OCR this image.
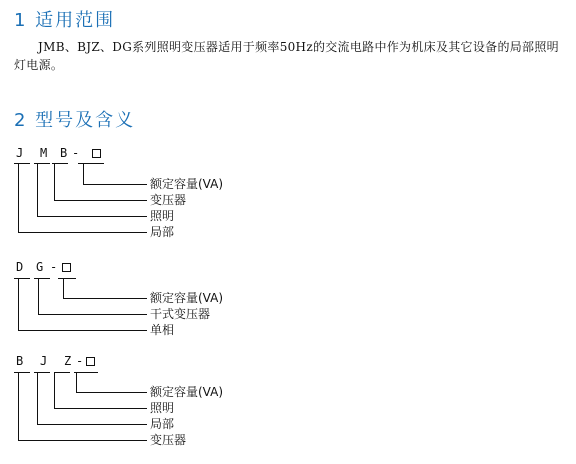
1 适用范围
JMB、BJZ、DG系列照明变压器适用于频率50Hz的交流电路中作为机床及其它设备的局部照明灯电源。
2 型号及含义
J M B -
额定容量(VA)
变压器
照明
局部
D G -
额定容量(VA)
干式变压器
单相
B J Z -
额定容量(VA)
照明
局部
变压器
